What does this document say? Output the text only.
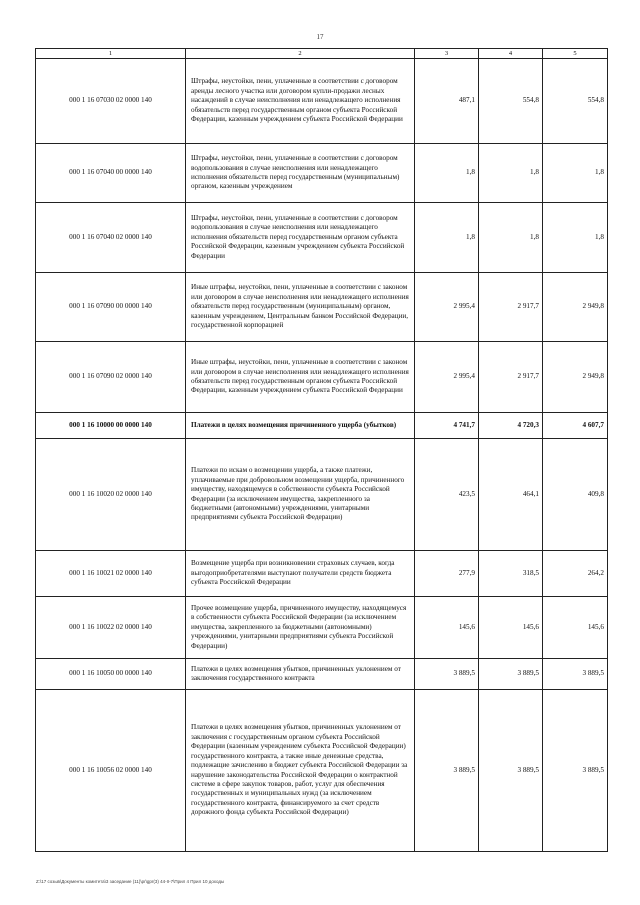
17
1	2	3	4	5
000 1 16 07030 02 0000 140	Штрафы, неустойки, пени, уплаченные в соответствии с договором аренды лесного участка или договором купли-продажи лесных насаждений в случае неисполнения или ненадлежащего исполнения обязательств перед государственным органом субъекта Российской Федерации, казенным учреждением субъекта Российской Федерации	487,1	554,8	554,8
000 1 16 07040 00 0000 140	Штрафы, неустойки, пени, уплаченные в соответствии с договором водопользования в случае неисполнения или ненадлежащего исполнения обязательств перед государственным (муниципальным) органом, казенным учреждением	1,8	1,8	1,8
000 1 16 07040 02 0000 140	Штрафы, неустойки, пени, уплаченные в соответствии с договором водопользования в случае неисполнения или ненадлежащего исполнения обязательств перед государственным органом субъекта Российской Федерации, казенным учреждением субъекта Российской Федерации	1,8	1,8	1,8
000 1 16 07090 00 0000 140	Иные штрафы, неустойки, пени, уплаченные в соответствии с законом или договором в случае неисполнения или ненадлежащего исполнения обязательств перед государственным (муниципальным) органом, казенным учреждением, Центральным банком Российской Федерации, государственной корпорацией	2 995,4	2 917,7	2 949,8
000 1 16 07090 02 0000 140	Иные штрафы, неустойки, пени, уплаченные в соответствии с законом или договором в случае неисполнения или ненадлежащего исполнения обязательств перед государственным органом субъекта Российской Федерации, казенным учреждением субъекта Российской Федерации	2 995,4	2 917,7	2 949,8
000 1 16 10000 00 0000 140	Платежи в целях возмещения причиненного ущерба (убытков)	4 741,7	4 720,3	4 607,7
000 1 16 10020 02 0000 140	Платежи по искам о возмещении ущерба, а также платежи, уплачиваемые при добровольном возмещении ущерба, причиненного имуществу, находящемуся в собственности субъекта Российской Федерации (за исключением имущества, закрепленного за бюджетными (автономными) учреждениями, унитарными предприятиями субъекта Российской Федерации)	423,5	464,1	409,8
000 1 16 10021 02 0000 140	Возмещение ущерба при возникновении страховых случаев, когда выгодоприобретателями выступают получатели средств бюджета субъекта Российской Федерации	277,9	318,5	264,2
000 1 16 10022 02 0000 140	Прочее возмещение ущерба, причиненного имуществу, находящемуся в собственности субъекта Российской Федерации (за исключением имущества, закрепленного за бюджетными (автономными) учреждениями, унитарными предприятиями субъекта Российской Федерации)	145,6	145,6	145,6
000 1 16 10050 00 0000 140	Платежи в целях возмещения убытков, причиненных уклонением от заключения государственного контракта	3 889,5	3 889,5	3 889,5
000 1 16 10056 02 0000 140	Платежи в целях возмещения убытков, причиненных уклонением от заключения с государственным органом субъекта Российской Федерации (казенным учреждением субъекта Российской Федерации) государственного контракта, а также иные денежные средства, подлежащие зачислению в бюджет субъекта Российской Федерации за нарушение законодательства Российской Федерации о контрактной системе в сфере закупок товаров, работ, услуг для обеспечения государственных и муниципальных нужд (за исключением государственного контракта, финансируемого за счет средств дорожного фонда субъекта Российской Федерации)	3 889,5	3 889,5	3 889,5
Z:\17 созыв\Документы комитета\3 заседание (11)\pr\gpr(3) 44-II-7\Прил 4 Прил 10 доходы
